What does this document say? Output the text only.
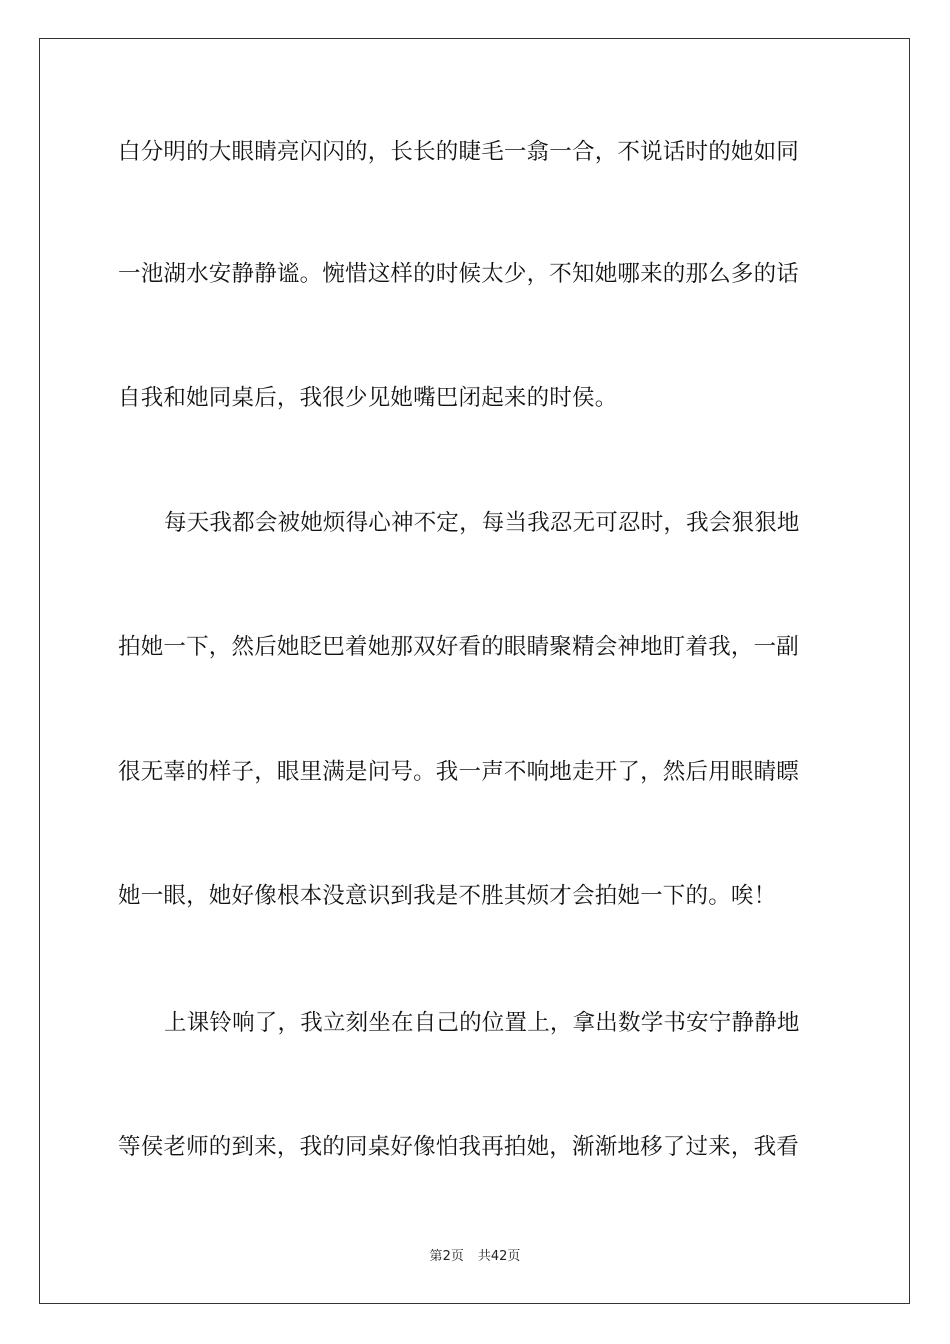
白分明的大眼睛亮闪闪的，长长的睫毛一翕一合，不说话时的她如同
一池湖水安静静谧。惋惜这样的时候太少，不知她哪来的那么多的话
自我和她同桌后，我很少见她嘴巴闭起来的时侯。
每天我都会被她烦得心神不定，每当我忍无可忍时，我会狠狠地
拍她一下，然后她眨巴着她那双好看的眼睛聚精会神地盯着我，一副
很无辜的样子，眼里满是问号。我一声不响地走开了，然后用眼睛瞟
她一眼，她好像根本没意识到我是不胜其烦才会拍她一下的。唉！
上课铃响了，我立刻坐在自己的位置上，拿出数学书安宁静静地
等侯老师的到来，我的同桌好像怕我再拍她，渐渐地移了过来，我看
第2页 共42页
